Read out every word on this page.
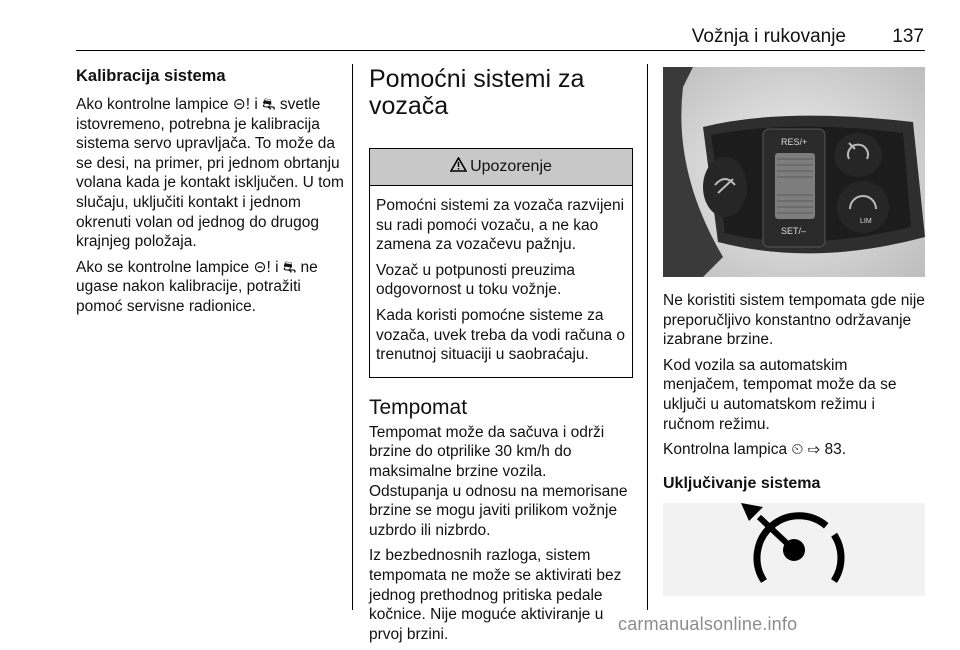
Vožnja i rukovanje 137
Kalibracija sistema

Ako kontrolne lampice ⊝! i ⛐ svetle istovremeno, potrebna je kalibracija sistema servo upravljača. To može da se desi, na primer, pri jednom obrtanju volana kada je kontakt isključen. U tom slučaju, uključiti kontakt i jednom okrenuti volan od jednog do drugog krajnjeg položaja.

Ako se kontrolne lampice ⊝! i ⛐ ne ugase nakon kalibracije, potražiti pomoć servisne radionice.

Pomoćni sistemi za vozača
Upozorenje

Pomoćni sistemi za vozača razvijeni su radi pomoći vozaču, a ne kao zamena za vozačevu pažnju.

Vozač u potpunosti preuzima odgovornost u toku vožnje.

Kada koristi pomoćne sisteme za vozača, uvek treba da vodi računa o trenutnoj situaciji u saobraćaju.

Tempomat

Tempomat može da sačuva i održi brzine do otprilike 30 km/h do maksimalne brzine vozila.

Odstupanja u odnosu na memorisane brzine se mogu javiti prilikom vožnje uzbrdo ili nizbrdo.

Iz bezbednosnih razloga, sistem tempomata ne može se aktivirati bez jednog prethodnog pritiska pedale kočnice. Nije moguće aktiviranje u prvoj brzini.

RES/+
SET/–
LIM

Ne koristiti sistem tempomata gde nije preporučljivo konstantno održavanje izabrane brzine.

Kod vozila sa automatskim menjačem, tempomat može da se uključi u automatskom režimu i ručnom režimu.

Kontrolna lampica ⏲ ⇨ 83.

Uključivanje sistema
carmanualsonline.info
